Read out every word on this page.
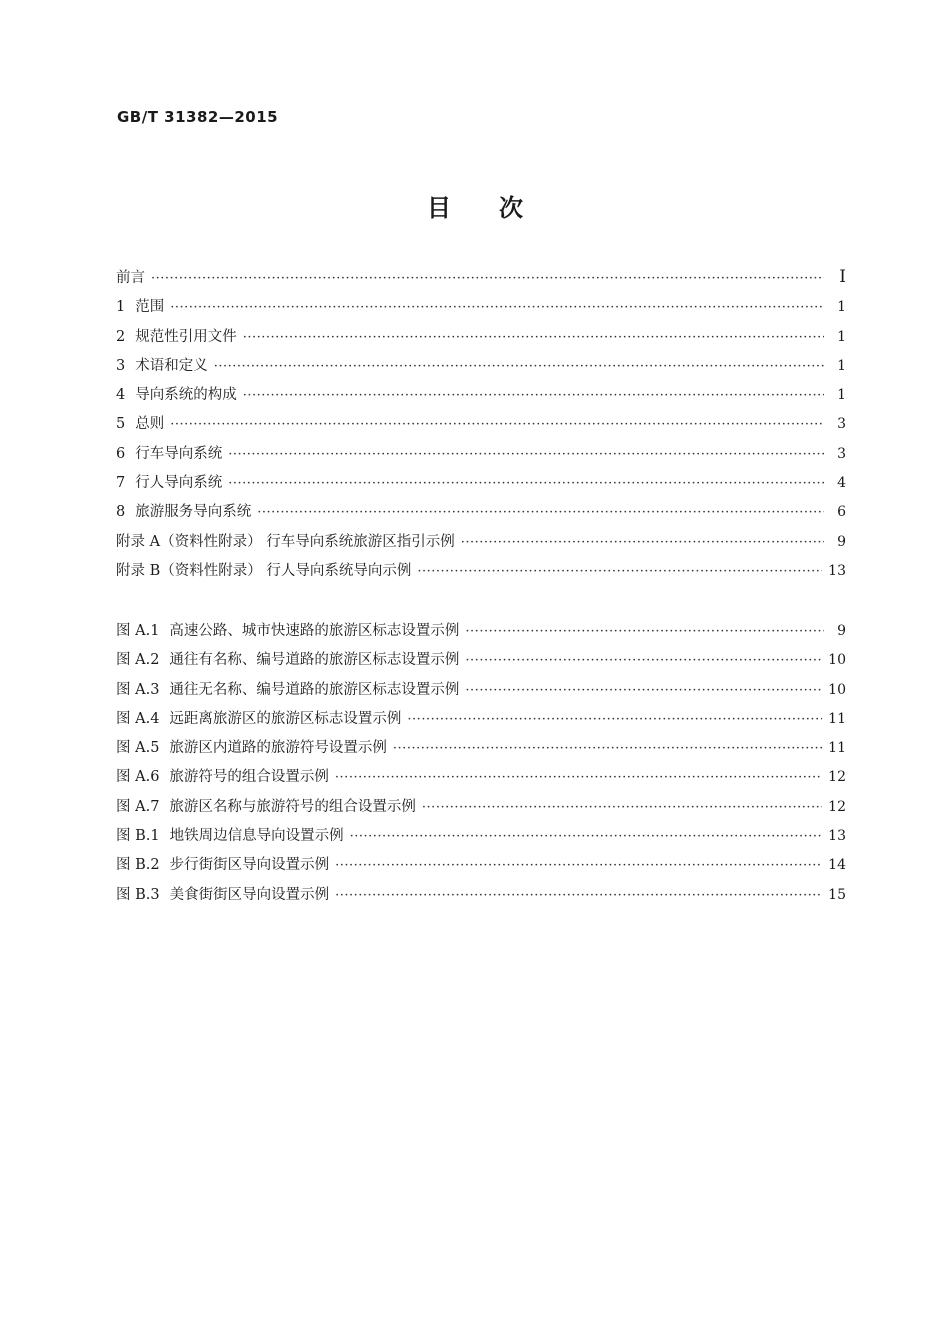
GB/T 31382—2015
目次
前言 ·····	I
1 范围 ·····	1
2 规范性引用文件 ·····	1
3 术语和定义 ·····	1
4 导向系统的构成 ·····	1
5 总则 ·····	3
6 行车导向系统 ·····	3
7 行人导向系统 ·····	4
8 旅游服务导向系统 ·····	6
附录 A（资料性附录） 行车导向系统旅游区指引示例 ·····	9
附录 B（资料性附录） 行人导向系统导向示例 ·····	13
图 A.1 高速公路、城市快速路的旅游区标志设置示例 ·····	9
图 A.2 通往有名称、编号道路的旅游区标志设置示例 ·····	10
图 A.3 通往无名称、编号道路的旅游区标志设置示例 ·····	10
图 A.4 远距离旅游区的旅游区标志设置示例 ·····	11
图 A.5 旅游区内道路的旅游符号设置示例 ·····	11
图 A.6 旅游符号的组合设置示例 ·····	12
图 A.7 旅游区名称与旅游符号的组合设置示例 ·····	12
图 B.1 地铁周边信息导向设置示例 ·····	13
图 B.2 步行街街区导向设置示例 ·····	14
图 B.3 美食街街区导向设置示例 ·····	15
